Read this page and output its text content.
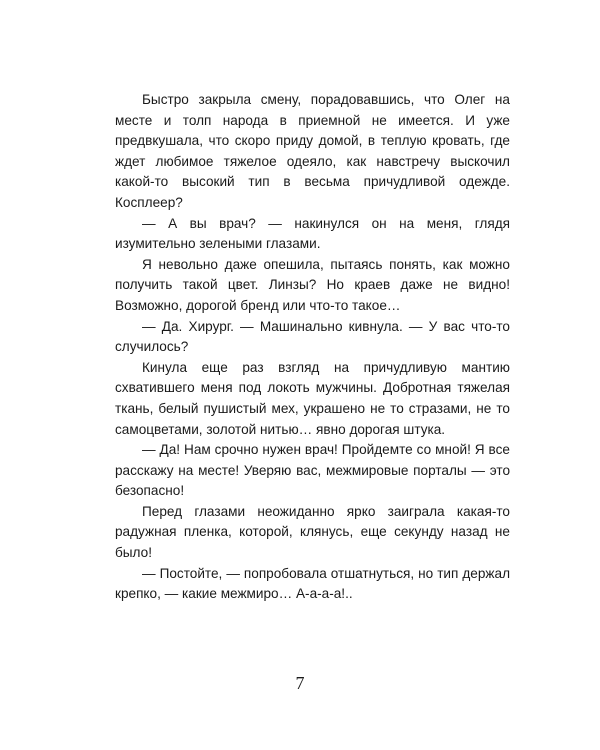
Быстро закрыла смену, порадовавшись, что Олег на месте и толп народа в приемной не имеется. И уже предвкушала, что скоро приду домой, в теплую кровать, где ждет любимое тяжелое одеяло, как навстречу выскочил какой-то высокий тип в весьма причудливой одежде. Косплеер?

— А вы врач? — накинулся он на меня, глядя изумительно зелеными глазами.

Я невольно даже опешила, пытаясь понять, как можно получить такой цвет. Линзы? Но краев даже не видно! Возможно, дорогой бренд или что-то такое…

— Да. Хирург. — Машинально кивнула. — У вас что-то случилось?

Кинула еще раз взгляд на причудливую мантию схватившего меня под локоть мужчины. Добротная тяжелая ткань, белый пушистый мех, украшено не то стразами, не то самоцветами, золотой нитью… явно дорогая штука.

— Да! Нам срочно нужен врач! Пройдемте со мной! Я все расскажу на месте! Уверяю вас, межмировые порталы — это безопасно!

Перед глазами неожиданно ярко заиграла какая-то радужная пленка, которой, клянусь, еще секунду назад не было!

— Постойте, — попробовала отшатнуться, но тип держал крепко, — какие межмиро… А-а-а-а!..

7
